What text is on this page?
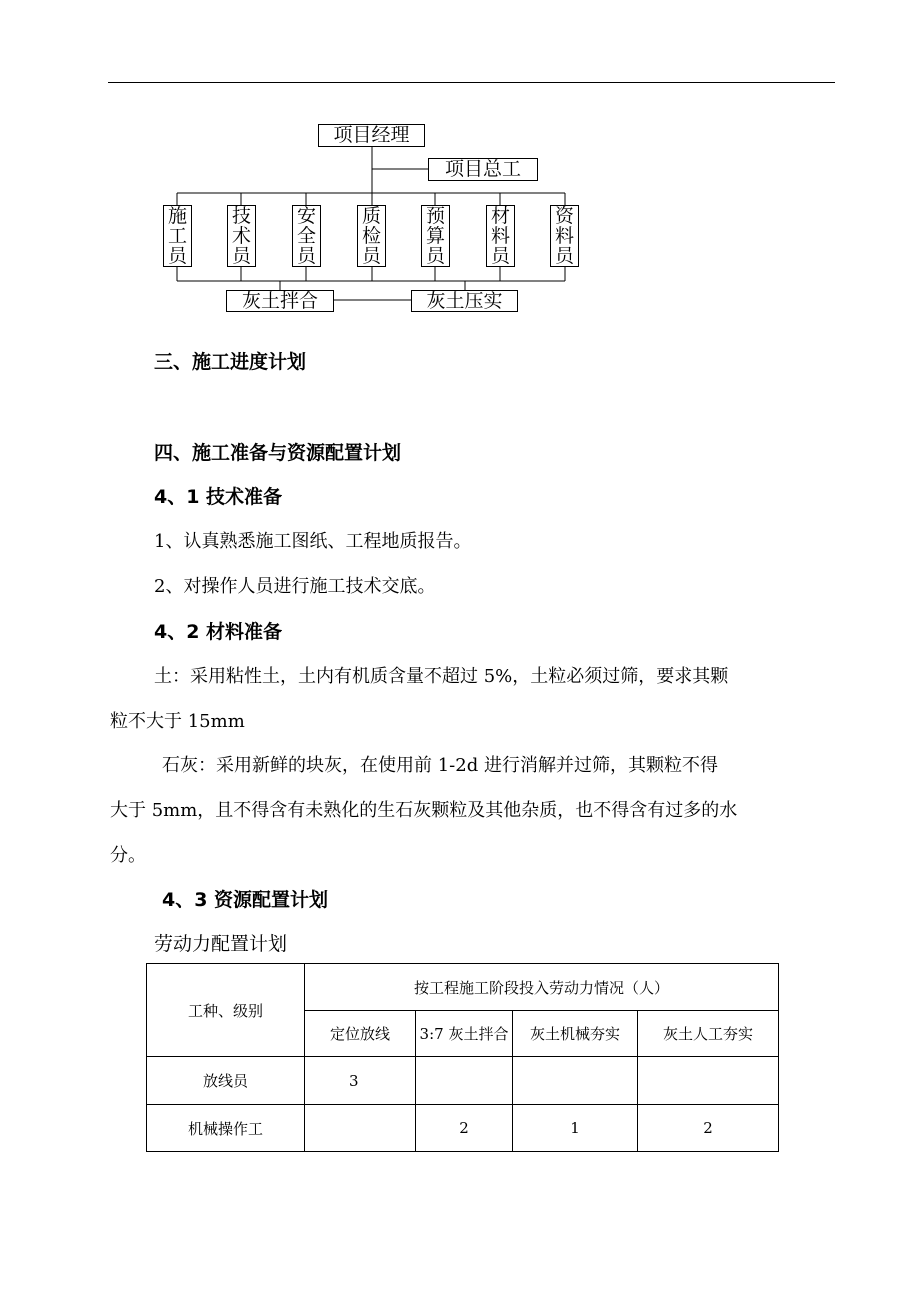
项目经理
项目总工
施
工
员
技
术
员
安
全
员
质
检
员
预
算
员
材
料
员
资
料
员
灰土拌合	灰土压实
三、施工进度计划
四、施工准备与资源配置计划
4、1 技术准备
1、认真熟悉施工图纸、工程地质报告。
2、对操作人员进行施工技术交底。
4、2 材料准备
土：采用粘性土，土内有机质含量不超过 5%，土粒必须过筛，要求其颗
粒不大于 15mm
石灰：采用新鲜的块灰，在使用前 1-2d 进行消解并过筛，其颗粒不得
大于 5mm，且不得含有未熟化的生石灰颗粒及其他杂质，也不得含有过多的水
分。
4、3 资源配置计划
劳动力配置计划
工种、级别	按工程施工阶段投入劳动力情况（人）			
	定位放线	3:7 灰土拌合	灰土机械夯实	灰土人工夯实
放线员	3			
机械操作工		2	1	2
